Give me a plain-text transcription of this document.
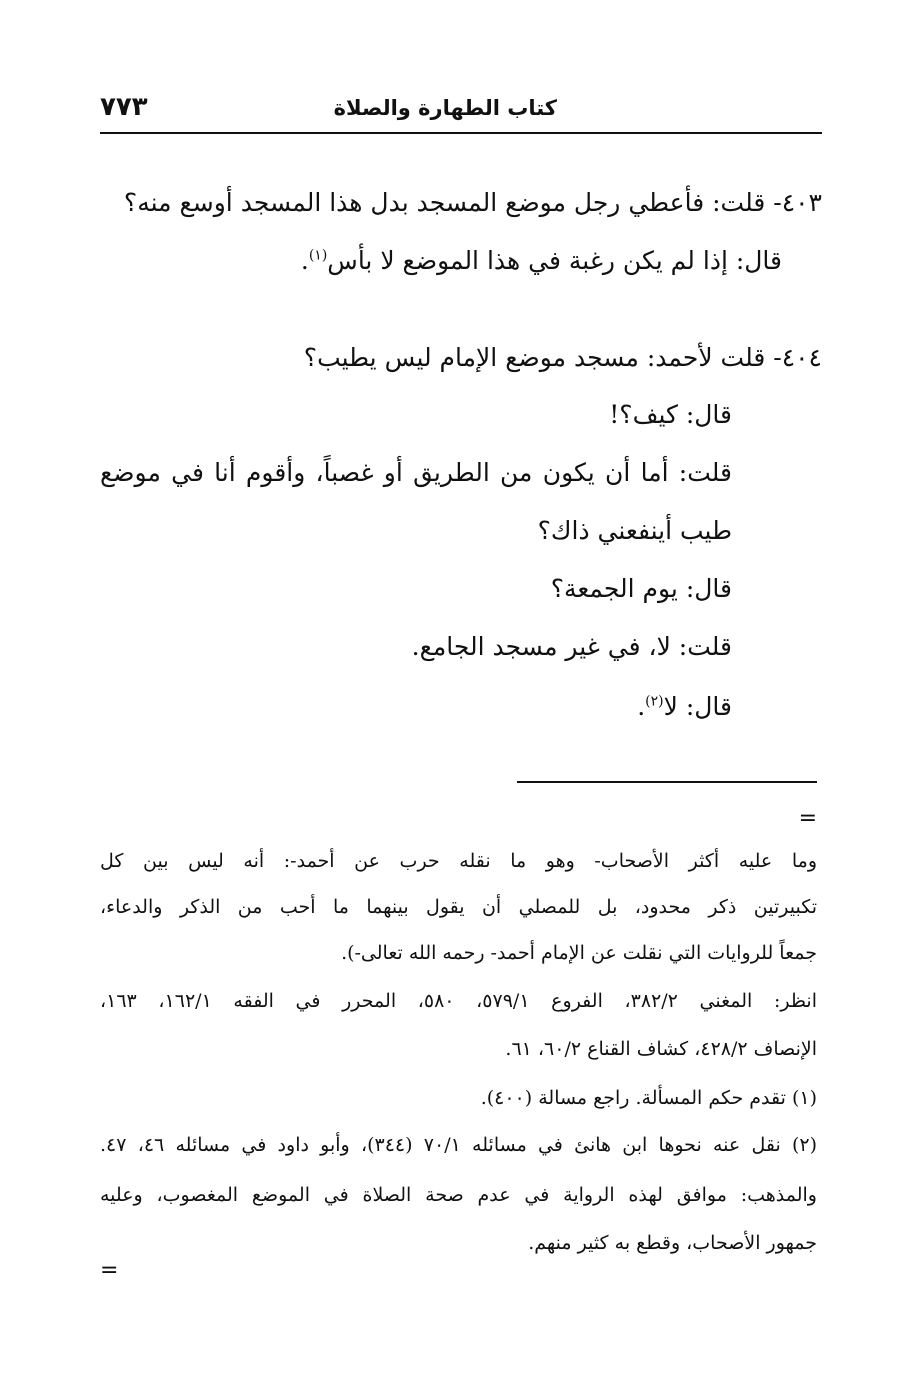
كتاب الطهارة والصلاة
٧٧٣
٤٠٣- قلت: فأعطي رجل موضع المسجد بدل هذا المسجد أوسع منه؟
قال: إذا لم يكن رغبة في هذا الموضع لا بأس$^{(١)}$.
٤٠٤- قلت لأحمد: مسجد موضع الإمام ليس يطيب؟
قال: كيف؟!
قلت: أما أن يكون من الطريق أو غصباً، وأقوم أنا في موضع
طيب أينفعني ذاك؟
قال: يوم الجمعة؟
قلت: لا، في غير مسجد الجامع.
قال: لا$^{(٢)}$.
=
وما عليه أكثر الأصحاب- وهو ما نقله حرب عن أحمد-: أنه ليس بين كل
تكبيرتين ذكر محدود، بل للمصلي أن يقول بينهما ما أحب من الذكر والدعاء،
جمعاً للروايات التي نقلت عن الإمام أحمد- رحمه الله تعالى-).
انظر: المغني ٣٨٢/٢، الفروع ٥٧٩/١، ٥٨٠، المحرر في الفقه ١٦٢/١، ١٦٣،
الإنصاف ٤٢٨/٢، كشاف القناع ٦٠/٢، ٦١.
(١) تقدم حكم المسألة. راجع مسالة (٤٠٠).
(٢) نقل عنه نحوها ابن هانئ في مسائله ٧٠/١ (٣٤٤)، وأبو داود في مسائله ٤٦، ٤٧.
والمذهب: موافق لهذه الرواية في عدم صحة الصلاة في الموضع المغصوب، وعليه
جمهور الأصحاب، وقطع به كثير منهم.
=
